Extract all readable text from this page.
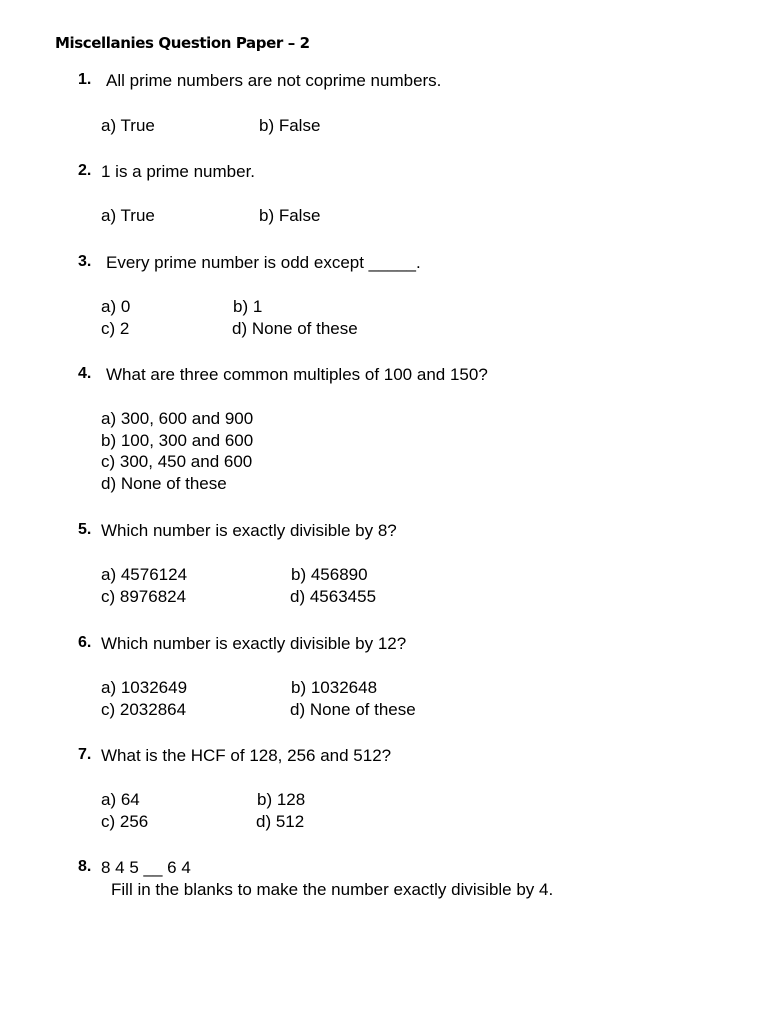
Miscellanies Question Paper – 2
1. All prime numbers are not coprime numbers.
a) True	b) False
2. 1 is a prime number.
a) True	b) False
3. Every prime number is odd except _____.
a) 0	b) 1
c) 2	d) None of these
4. What are three common multiples of 100 and 150?
a) 300, 600 and 900
b) 100, 300 and 600
c) 300, 450 and 600
d) None of these
5. Which number is exactly divisible by 8?
a) 4576124	b) 456890
c) 8976824	d) 4563455
6. Which number is exactly divisible by 12?
a) 1032649	b) 1032648
c) 2032864	d) None of these
7. What is the HCF of 128, 256 and 512?
a) 64	b) 128
c) 256	d) 512
8. 8 4 5 __ 6 4
Fill in the blanks to make the number exactly divisible by 4.
